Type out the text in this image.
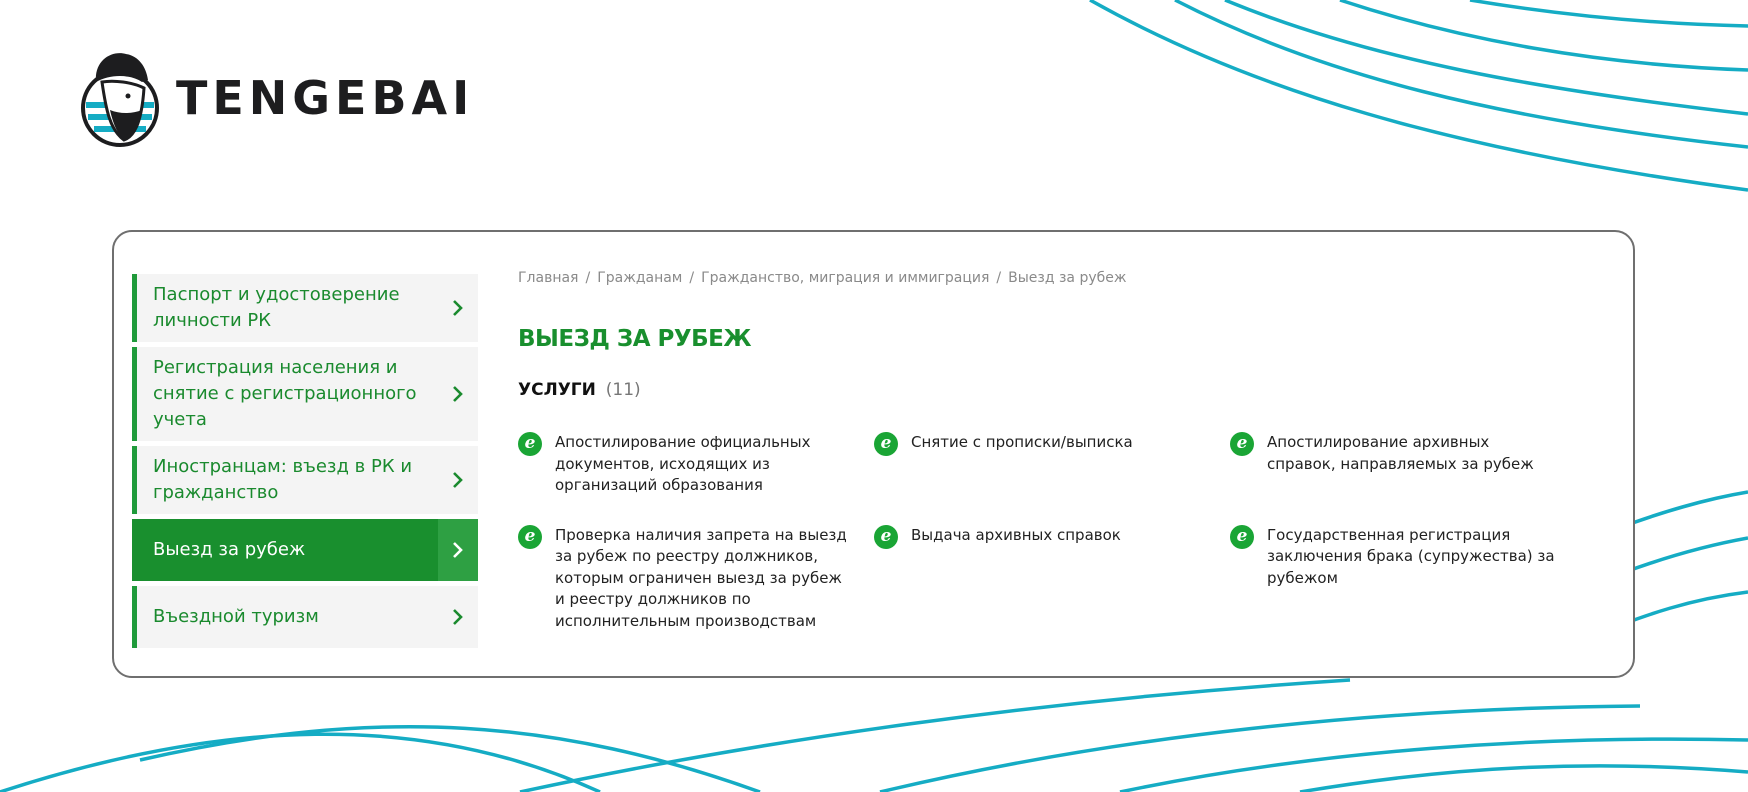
TENGEBAI
Паспорт и удостоверение личности РК
Регистрация населения и снятие с регистрационного учета
Иностранцам: въезд в РК и гражданство
Выезд за рубеж
Въездной туризм
Главная / Гражданам / Гражданство, миграция и иммиграция / Выезд за рубеж
ВЫЕЗД ЗА РУБЕЖ
УСЛУГИ (11)
e	Апостилирование официальных документов, исходящих из организаций образования
e	Снятие с прописки/выписка	e	Апостилирование архивных справок, направляемых за рубеж
e	Проверка наличия запрета на выезд за рубеж по реестру должников, которым ограничен выезд за рубеж и реестру должников по исполнительным производствам
e	Выдача архивных справок	e	Государственная регистрация заключения брака (супружества) за рубежом
